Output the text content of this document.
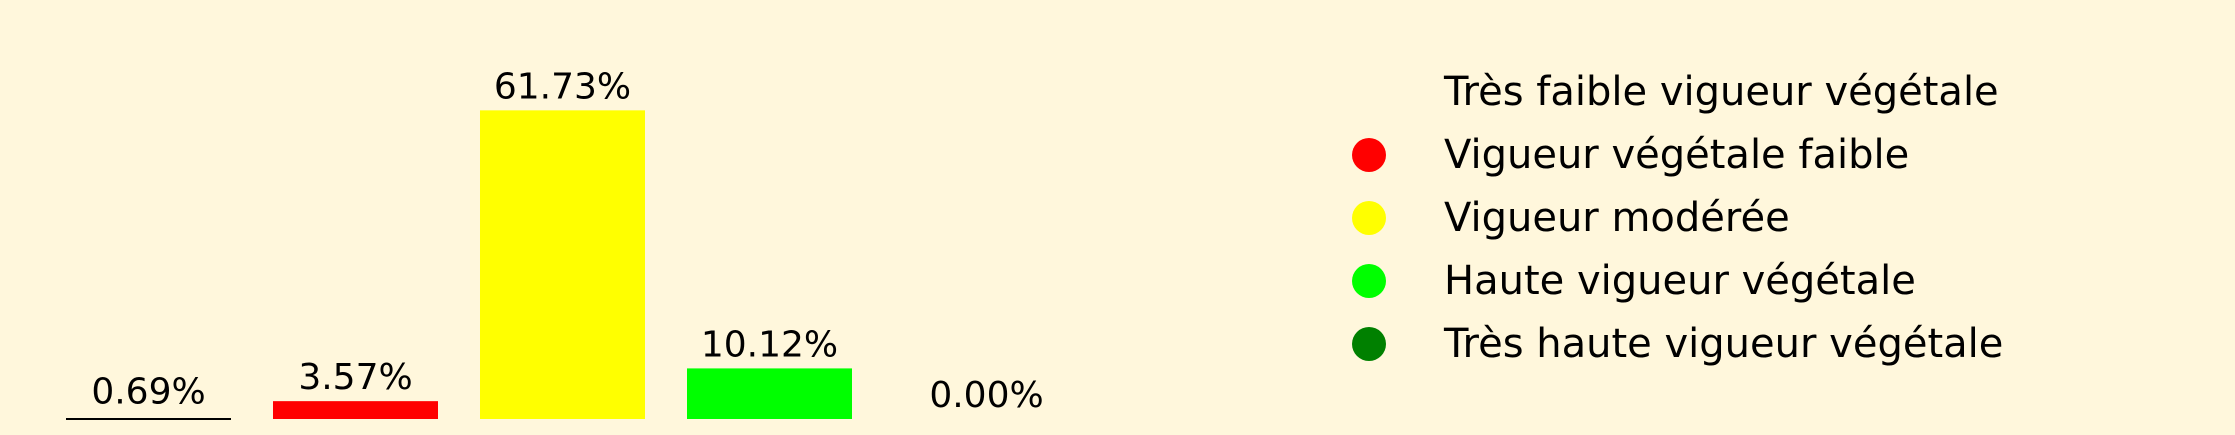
0.69%	3.57%
61.73%
10.12%
0.00%
Très faible vigueur végétale
Vigueur végétale faible
Vigueur modérée
Haute vigueur végétale
Très haute vigueur végétale
